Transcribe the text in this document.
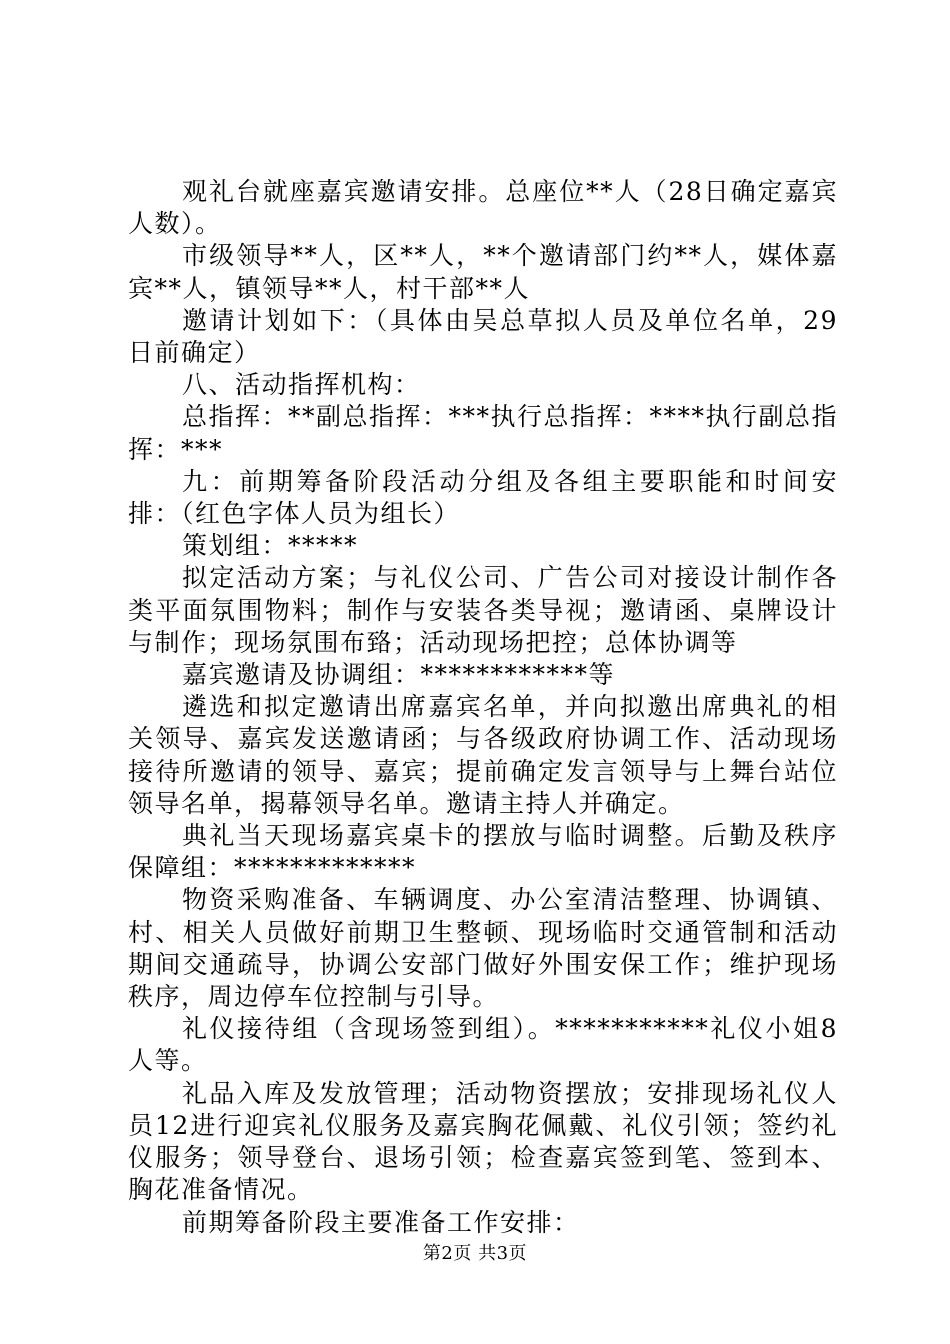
观礼台就座嘉宾邀请安排。总座位**人（28日确定嘉宾人数）。

市级领导**人，区**人，**个邀请部门约**人，媒体嘉宾**人，镇领导**人，村干部**人

邀请计划如下：（具体由吴总草拟人员及单位名单，29日前确定）

八、活动指挥机构：

总指挥：**副总指挥：***执行总指挥：****执行副总指挥：***

九：前期筹备阶段活动分组及各组主要职能和时间安排：（红色字体人员为组长）

策划组：*****

拟定活动方案；与礼仪公司、广告公司对接设计制作各类平面氛围物料；制作与安装各类导视；邀请函、桌牌设计与制作；现场氛围布臵；活动现场把控；总体协调等

嘉宾邀请及协调组：************等

遴选和拟定邀请出席嘉宾名单，并向拟邀出席典礼的相关领导、嘉宾发送邀请函；与各级政府协调工作、活动现场接待所邀请的领导、嘉宾；提前确定发言领导与上舞台站位领导名单，揭幕领导名单。邀请主持人并确定。

典礼当天现场嘉宾桌卡的摆放与临时调整。后勤及秩序保障组：*************

物资采购准备、车辆调度、办公室清洁整理、协调镇、村、相关人员做好前期卫生整顿、现场临时交通管制和活动期间交通疏导，协调公安部门做好外围安保工作；维护现场秩序，周边停车位控制与引导。

礼仪接待组（含现场签到组）。***********礼仪小姐8人等。

礼品入库及发放管理；活动物资摆放；安排现场礼仪人员12进行迎宾礼仪服务及嘉宾胸花佩戴、礼仪引领；签约礼仪服务；领导登台、退场引领；检查嘉宾签到笔、签到本、胸花准备情况。

前期筹备阶段主要准备工作安排：

第2页 共3页
